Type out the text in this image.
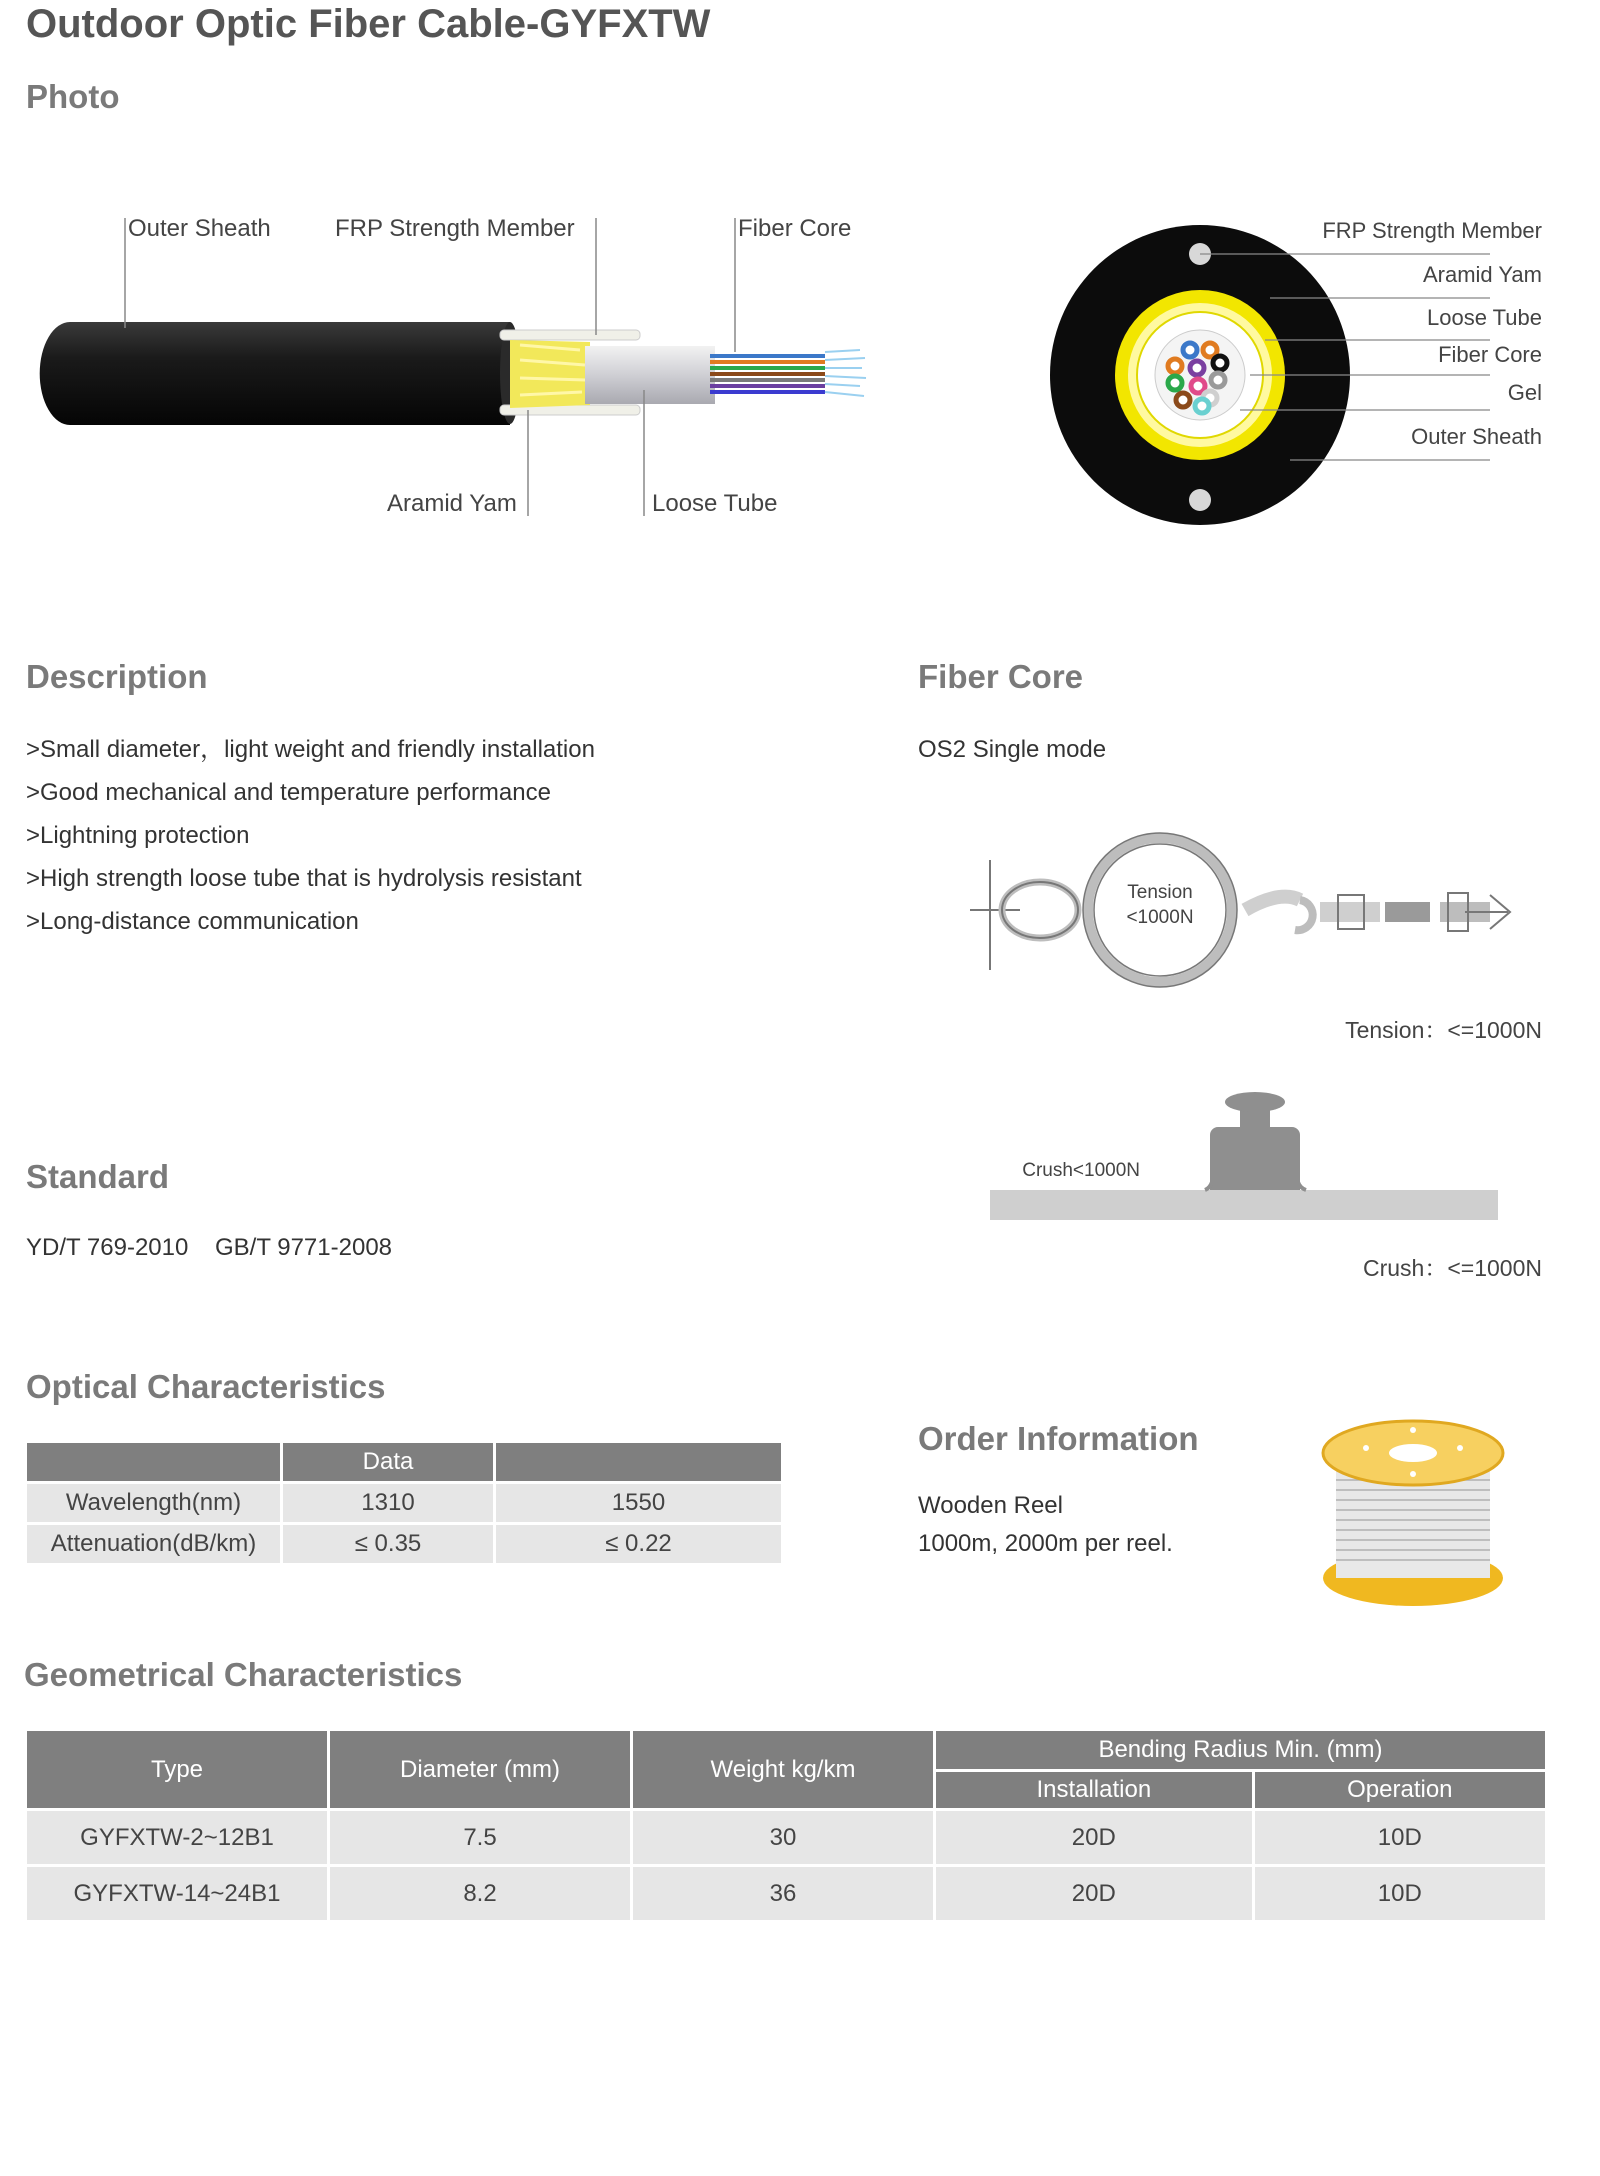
Outdoor Optic Fiber Cable-GYFXTW
Photo
Outer Sheath	FRP Strength Member	Fiber Core
Aramid Yam	Loose Tube
FRP Strength Member
Aramid Yam
Loose Tube
Fiber Core
Gel
Outer Sheath
Description
>Small diameter，light weight and friendly installation
>Good mechanical and temperature performance
>Lightning protection
>High strength loose tube that is hydrolysis resistant
>Long-distance communication
Fiber Core
OS2 Single mode
Tension
<1000N
Tension：<=1000N
Crush<1000N
Crush：<=1000N
Standard
YD/T 769-2010    GB/T 9771-2008
Optical Characteristics
	Data	
Wavelength(nm)	1310	1550
Attenuation(dB/km)	≤ 0.35	≤ 0.22
Order Information
Wooden Reel
1000m, 2000m per reel.
Geometrical Characteristics
Type	Diameter (mm)	Weight kg/km	Bending Radius Min. (mm)	
			Installation	Operation
GYFXTW-2~12B1	7.5	30	20D	10D
GYFXTW-14~24B1	8.2	36	20D	10D
